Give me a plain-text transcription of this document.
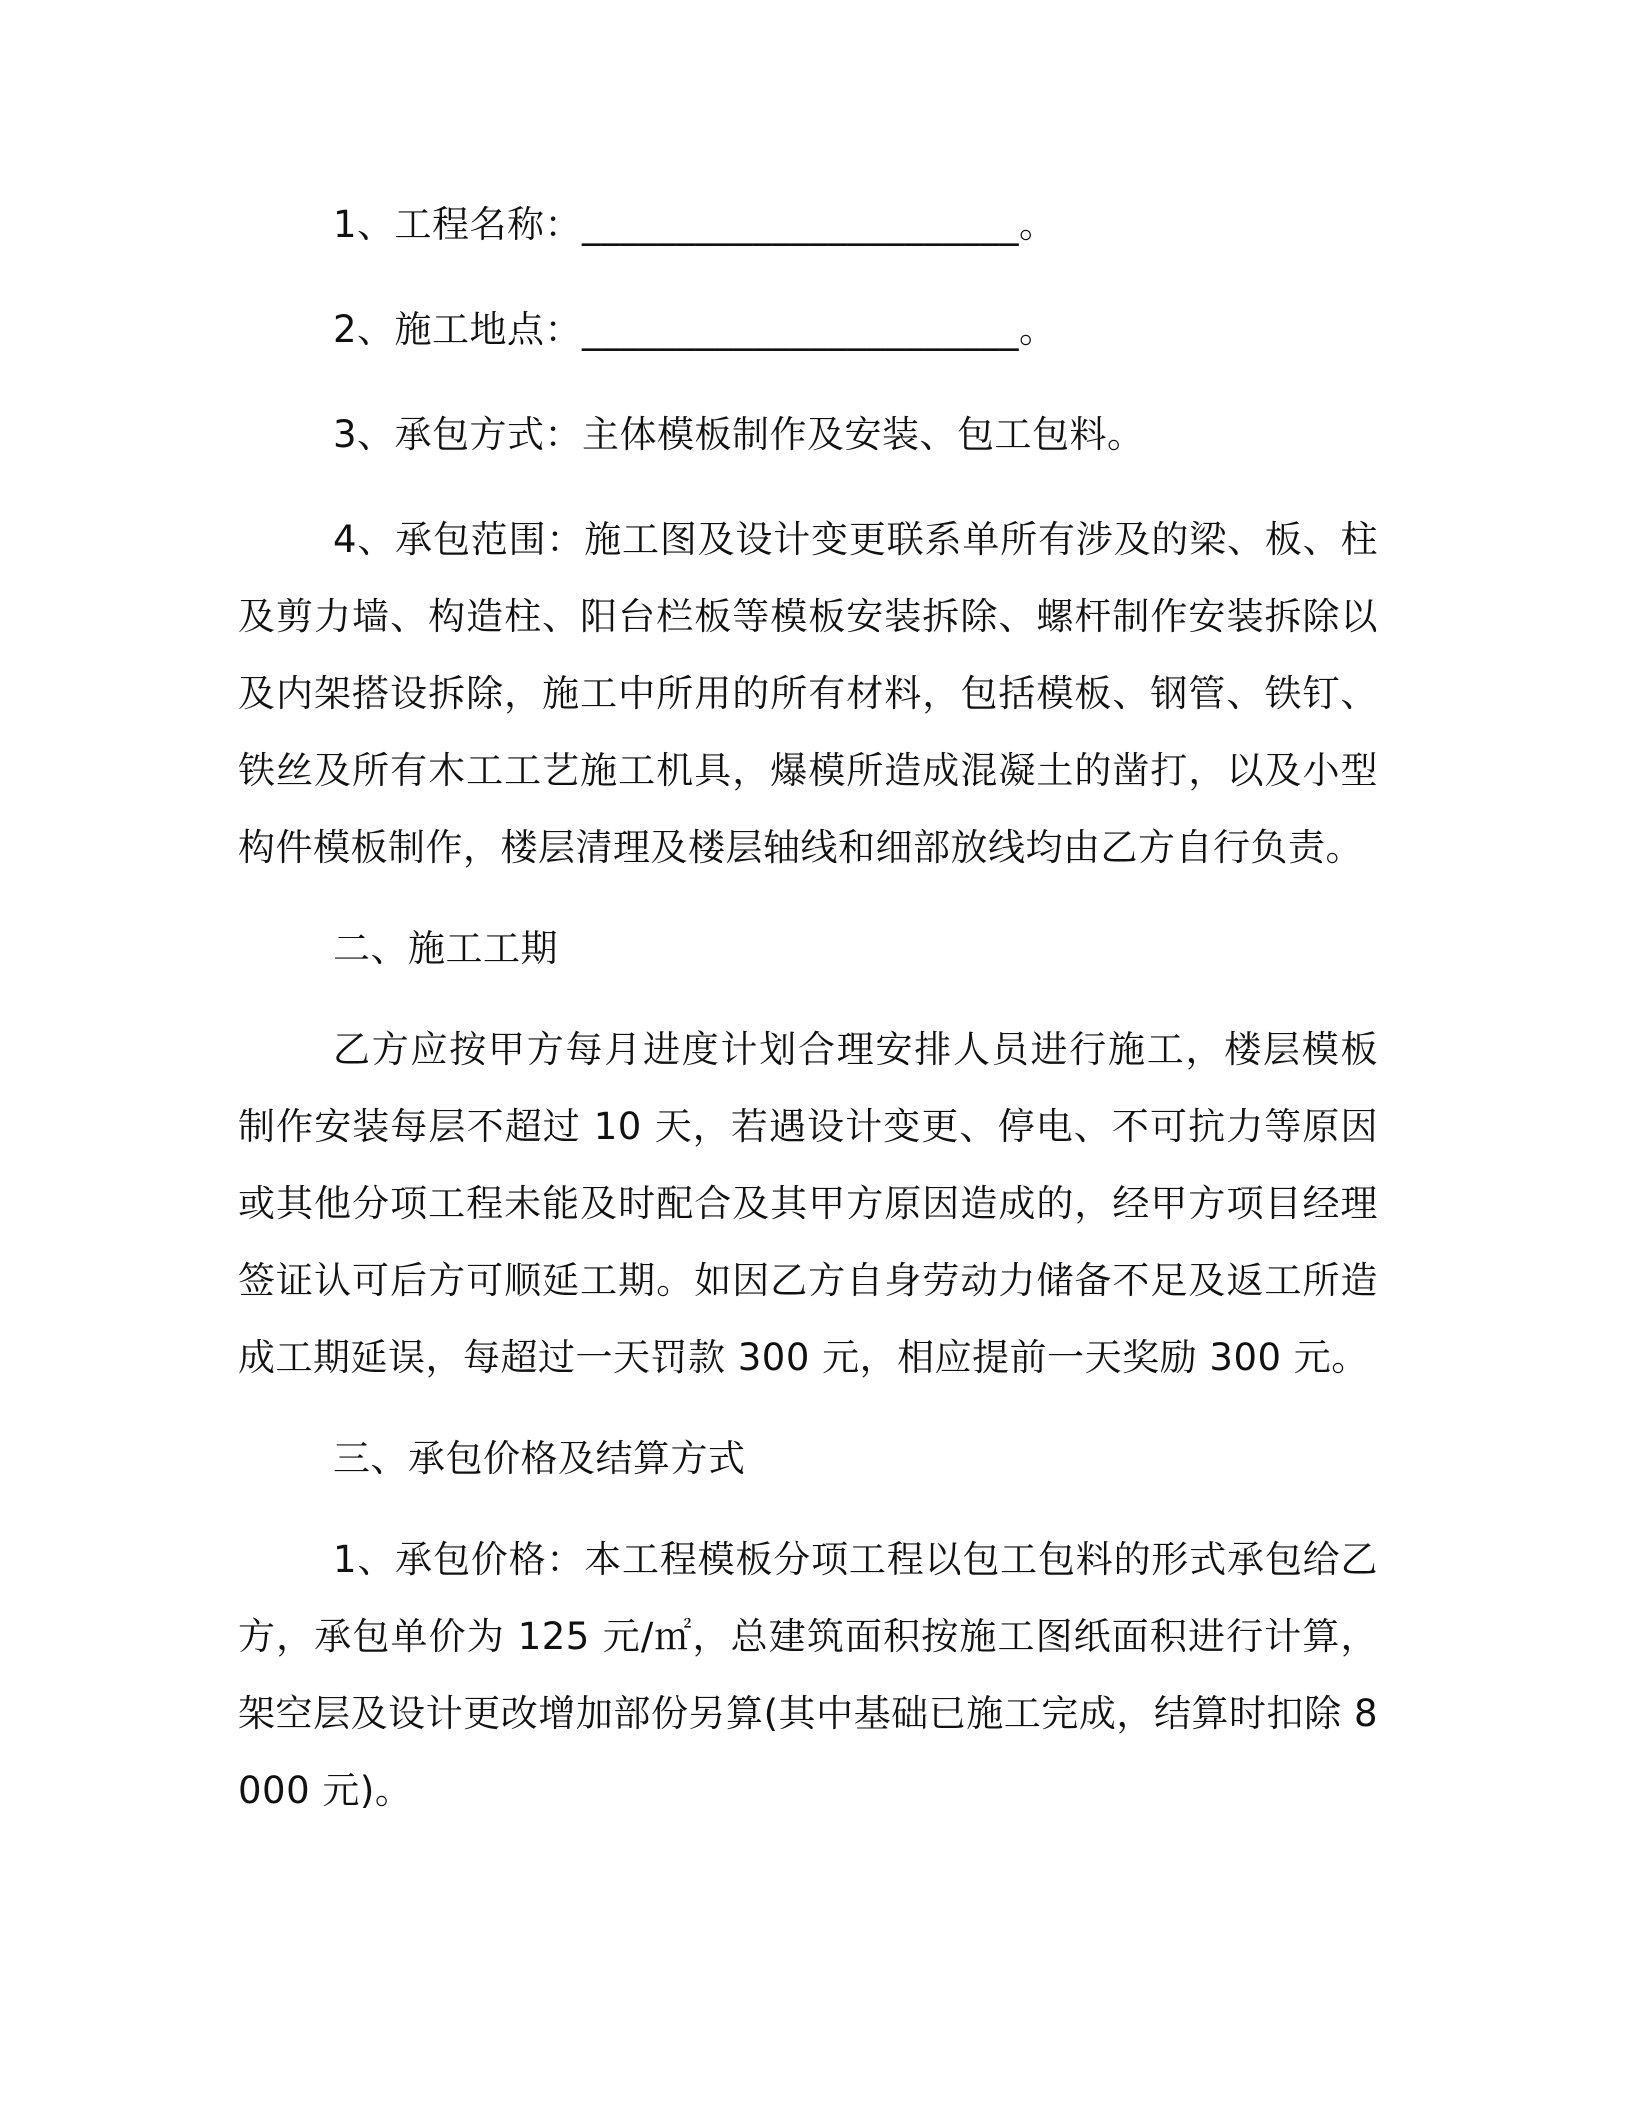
1、工程名称：_______________________。

2、施工地点：_______________________。

3、承包方式：主体模板制作及安装、包工包料。

4、承包范围：施工图及设计变更联系单所有涉及的梁、板、柱及剪力墙、构造柱、阳台栏板等模板安装拆除、螺杆制作安装拆除以及内架搭设拆除，施工中所用的所有材料，包括模板、钢管、铁钉、铁丝及所有木工工艺施工机具，爆模所造成混凝土的凿打，以及小型构件模板制作，楼层清理及楼层轴线和细部放线均由乙方自行负责。

二、施工工期

乙方应按甲方每月进度计划合理安排人员进行施工，楼层模板制作安装每层不超过 10 天，若遇设计变更、停电、不可抗力等原因或其他分项工程未能及时配合及其甲方原因造成的，经甲方项目经理签证认可后方可顺延工期。如因乙方自身劳动力储备不足及返工所造成工期延误，每超过一天罚款 300 元，相应提前一天奖励 300 元。

三、承包价格及结算方式

1、承包价格：本工程模板分项工程以包工包料的形式承包给乙方，承包单价为 125 元/㎡，总建筑面积按施工图纸面积进行计算，架空层及设计更改增加部份另算(其中基础已施工完成，结算时扣除 8000 元)。
